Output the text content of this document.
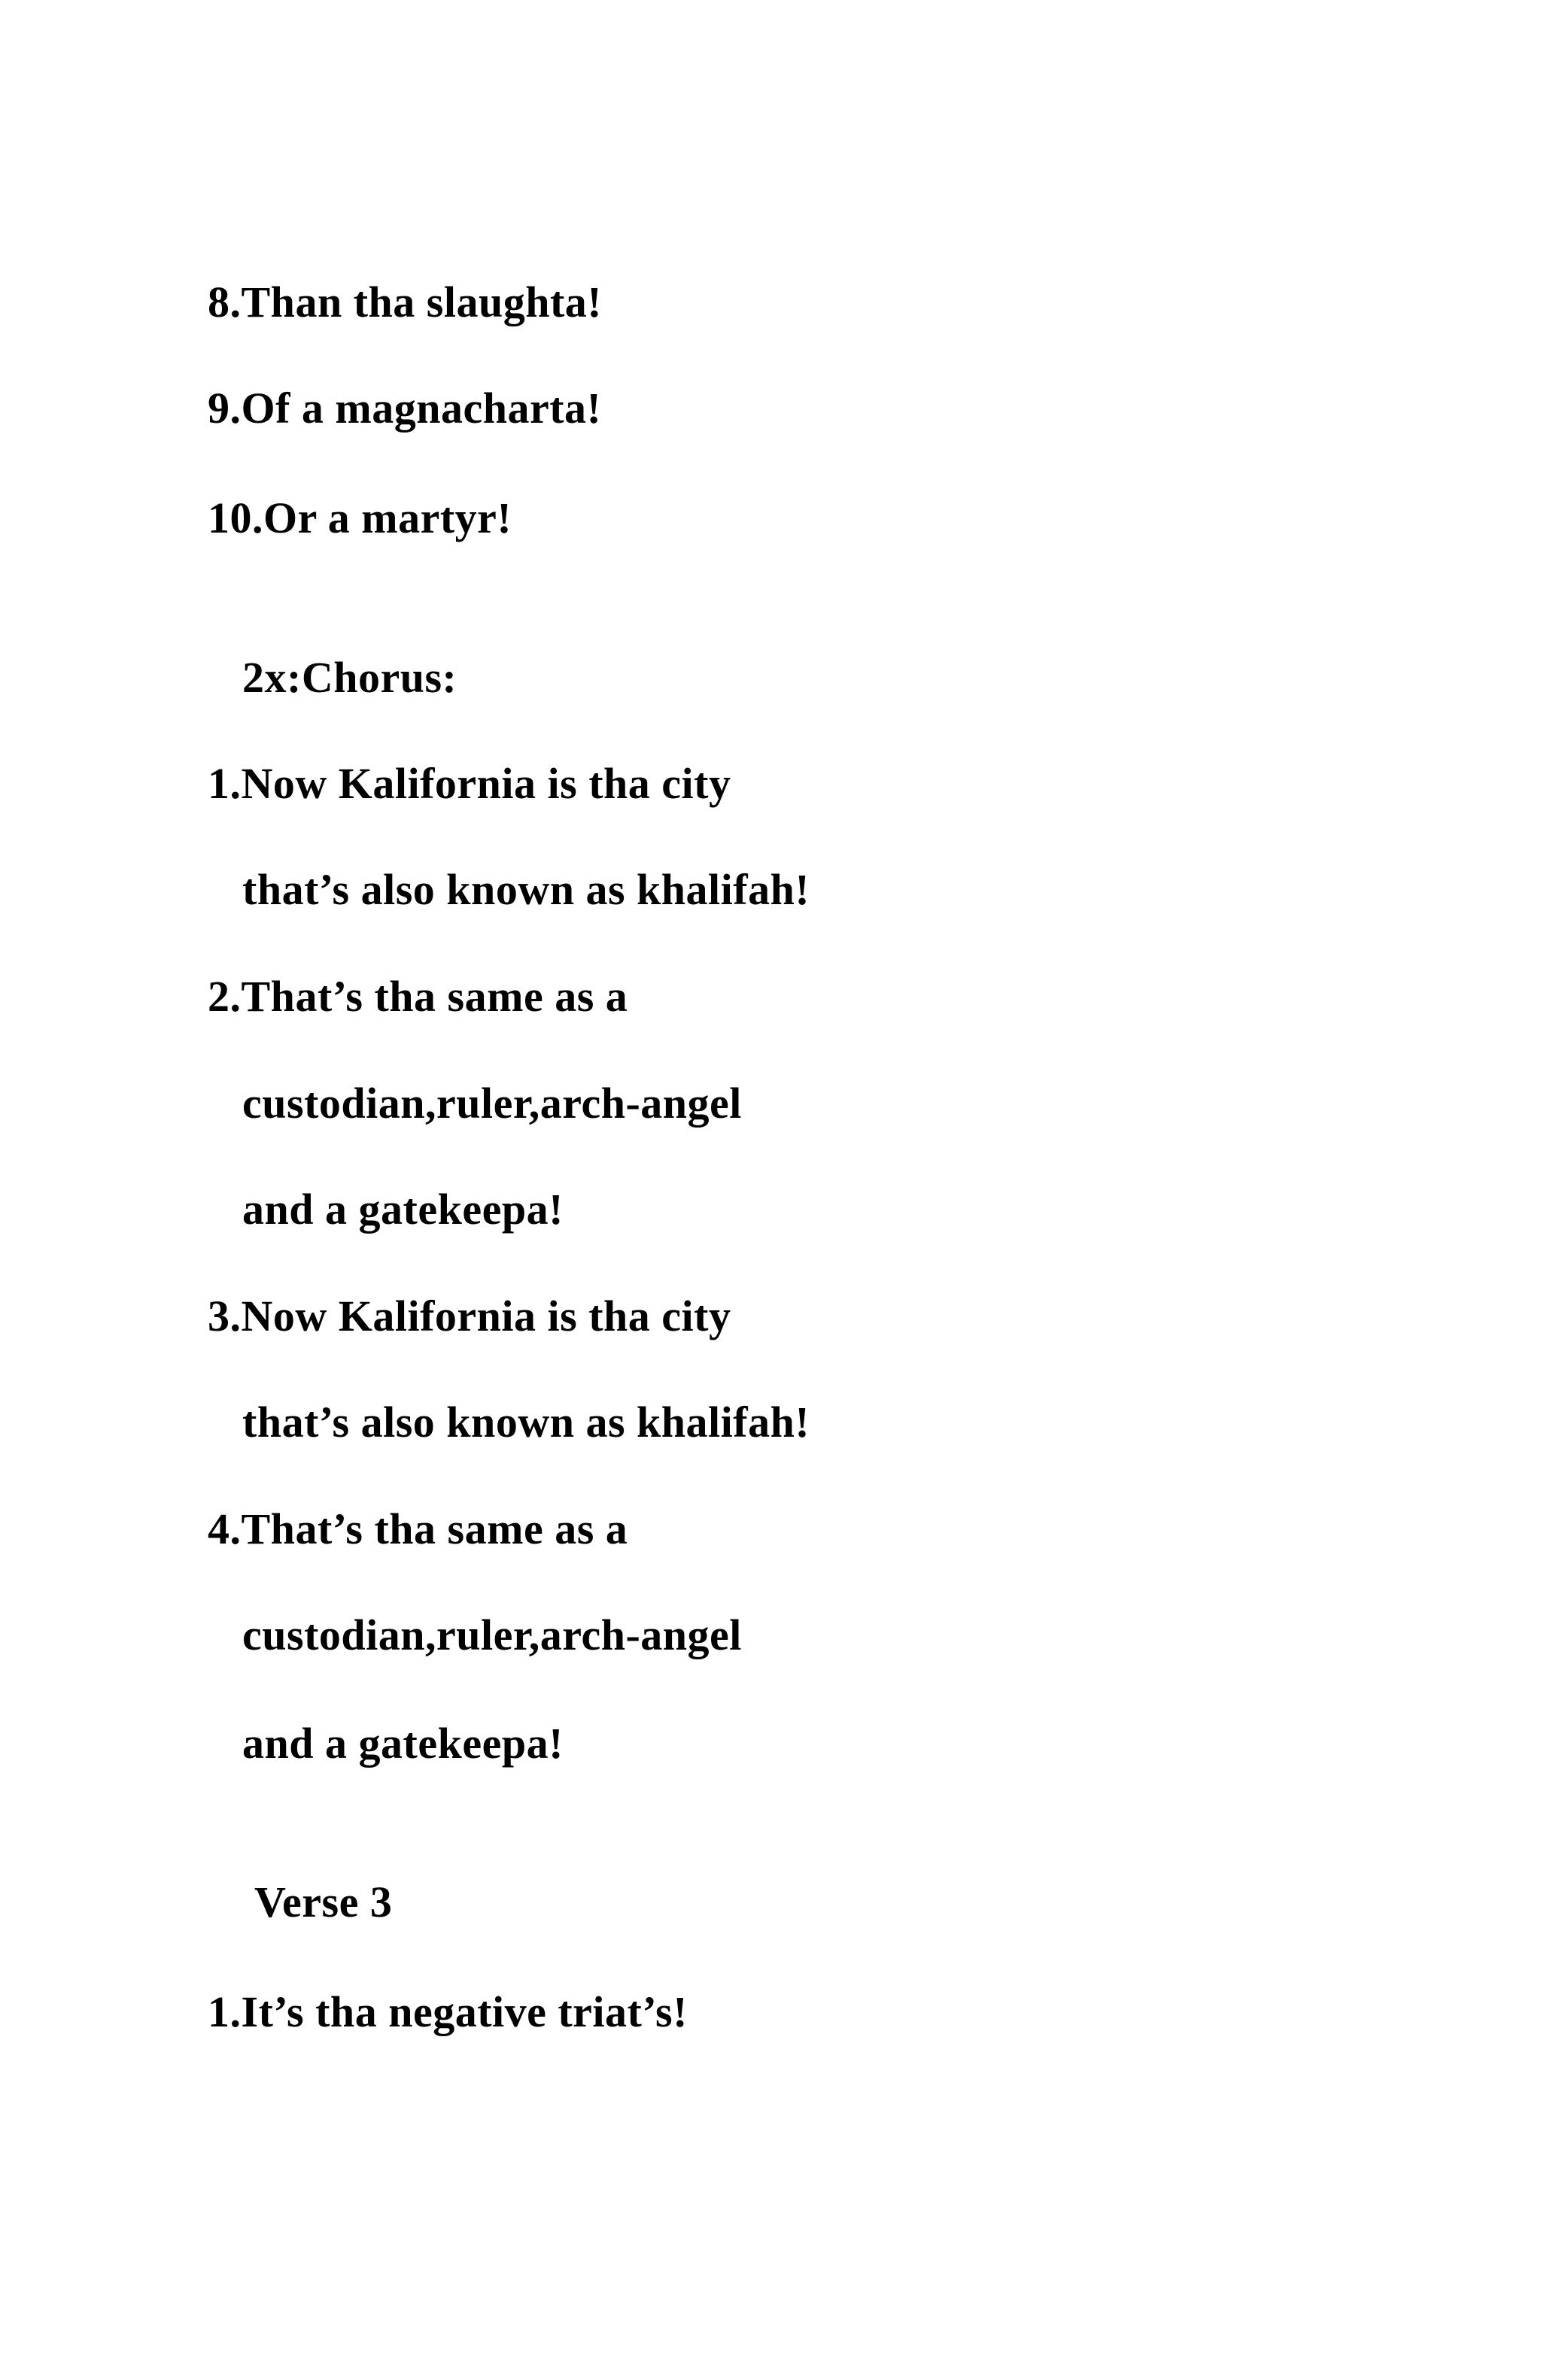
8.Than tha slaughta!
9.Of a magnacharta!
10.Or a martyr!
2x:Chorus:
1.Now Kalifornia is tha city
that’s also known as khalifah!
2.That’s tha same as a
custodian,ruler,arch-angel
and a gatekeepa!
3.Now Kalifornia is tha city
that’s also known as khalifah!
4.That’s tha same as a
custodian,ruler,arch-angel
and a gatekeepa!
Verse 3
1.It’s tha negative triat’s!
